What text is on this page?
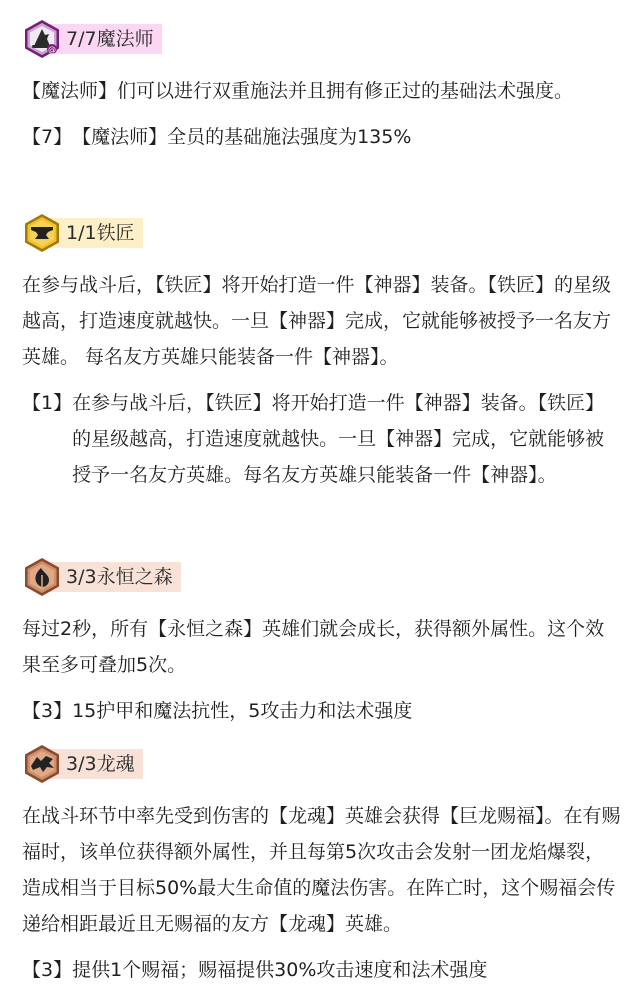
@ 7/7魔法师
【魔法师】们可以进行双重施法并且拥有修正过的基础法术强度。
【7】 【魔法师】全员的基础施法强度为135%
1/1铁匠
在参与战斗后，【铁匠】将开始打造一件【神器】装备。【铁匠】的星级越高，打造速度就越快。一旦【神器】完成，它就能够被授予一名友方英雄。 每名友方英雄只能装备一件【神器】。
【1】 在参与战斗后，【铁匠】将开始打造一件【神器】装备。【铁匠】的星级越高，打造速度就越快。一旦【神器】完成，它就能够被授予一名友方英雄。每名友方英雄只能装备一件【神器】。
3/3永恒之森
每过2秒，所有【永恒之森】英雄们就会成长，获得额外属性。这个效果至多可叠加5次。
【3】 15护甲和魔法抗性，5攻击力和法术强度
3/3龙魂
在战斗环节中率先受到伤害的【龙魂】英雄会获得【巨龙赐福】。在有赐福时，该单位获得额外属性，并且每第5次攻击会发射一团龙焰爆裂，造成相当于目标50%最大生命值的魔法伤害。在阵亡时，这个赐福会传递给相距最近且无赐福的友方【龙魂】英雄。
【3】 提供1个赐福；赐福提供30%攻击速度和法术强度
